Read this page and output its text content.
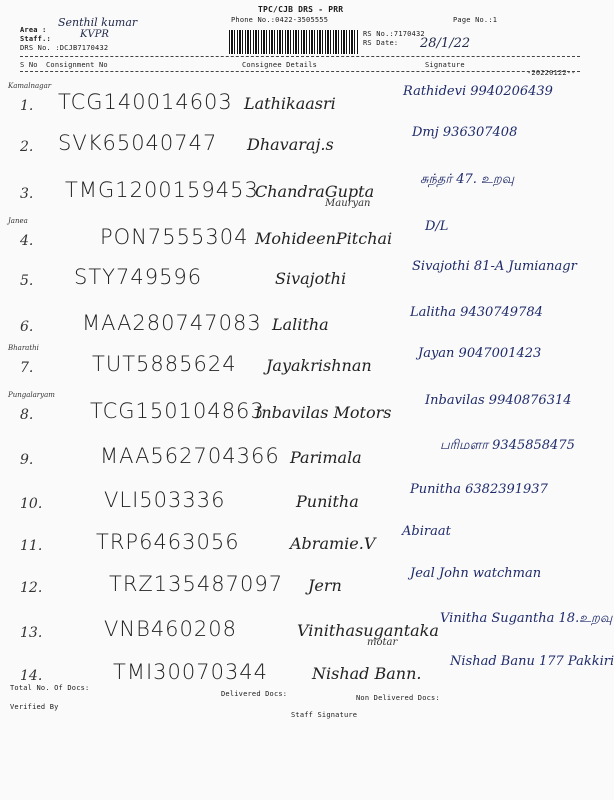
TPC/CJB DRS - PRR
Phone No.:0422-3505555	Page No.:1
Area :
Staff.:
Senthil kumar
KVPR
DRS No. :DCJB7170432
RS No.:7170432
RS Date: 28/1/22
S No Consignment No	Consignee Details	Signature
-20220122--
Kamalnagar
1. TCG140014603 Lathikaasri
Rathidevi 9940206439
2. SVK65040747 Dhavaraj.s
Dmj 936307408
3. TMG1200159453
ChandraGupta
Mauryan
சுந்தர் 47. உறவு
Janea
4.	PON7555304 MohideenPitchai
D/L
5. STY749596	Sivajothi
Sivajothi 81-A Jumianagr
6. MAA280747083 Lalitha
Lalitha 9430749784
Bharathi
7.	TUT5885624 Jayakrishnan
Jayan 9047001423
Pungalaryam
8.	TCG150104863
Inbavilas Motors
Inbavilas 9940876314
9.	MAA562704366 Parimala
பரிமளா 9345858475
10.	VLI503336	Punitha
Punitha 6382391937
11.	TRP6463056	Abramie.V
Abiraat
12.	TRZ135487097 Jern
Jeal John watchman
13.	VNB460208	Vinithasugantaka
motar
Vinitha Sugantha 18.உறவு
14.	TMI30070344	Nishad Bann.
Nishad Banu 177 Pakkiri
Total No. Of Docs:
Delivered Docs:	Non Delivered Docs:
Verified By
Staff Signature
